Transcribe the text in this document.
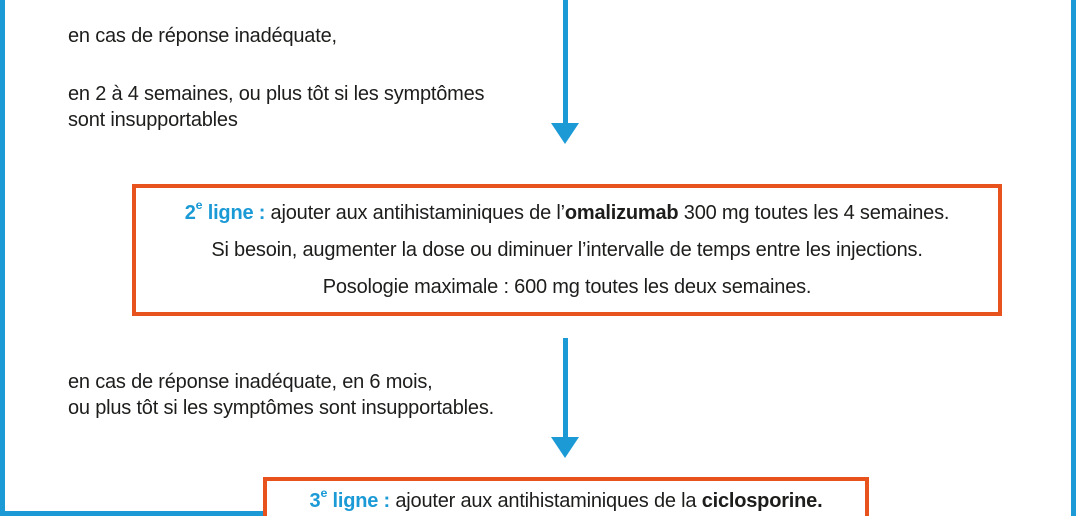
en cas de réponse inadéquate,
en 2 à 4 semaines, ou plus tôt si les symptômes
sont insupportables
2e ligne : ajouter aux antihistaminiques de l’omalizumab 300 mg toutes les 4 semaines.
Si besoin, augmenter la dose ou diminuer l’intervalle de temps entre les injections.
Posologie maximale : 600 mg toutes les deux semaines.
en cas de réponse inadéquate, en 6 mois,
ou plus tôt si les symptômes sont insupportables.
3e ligne : ajouter aux antihistaminiques de la ciclosporine.
